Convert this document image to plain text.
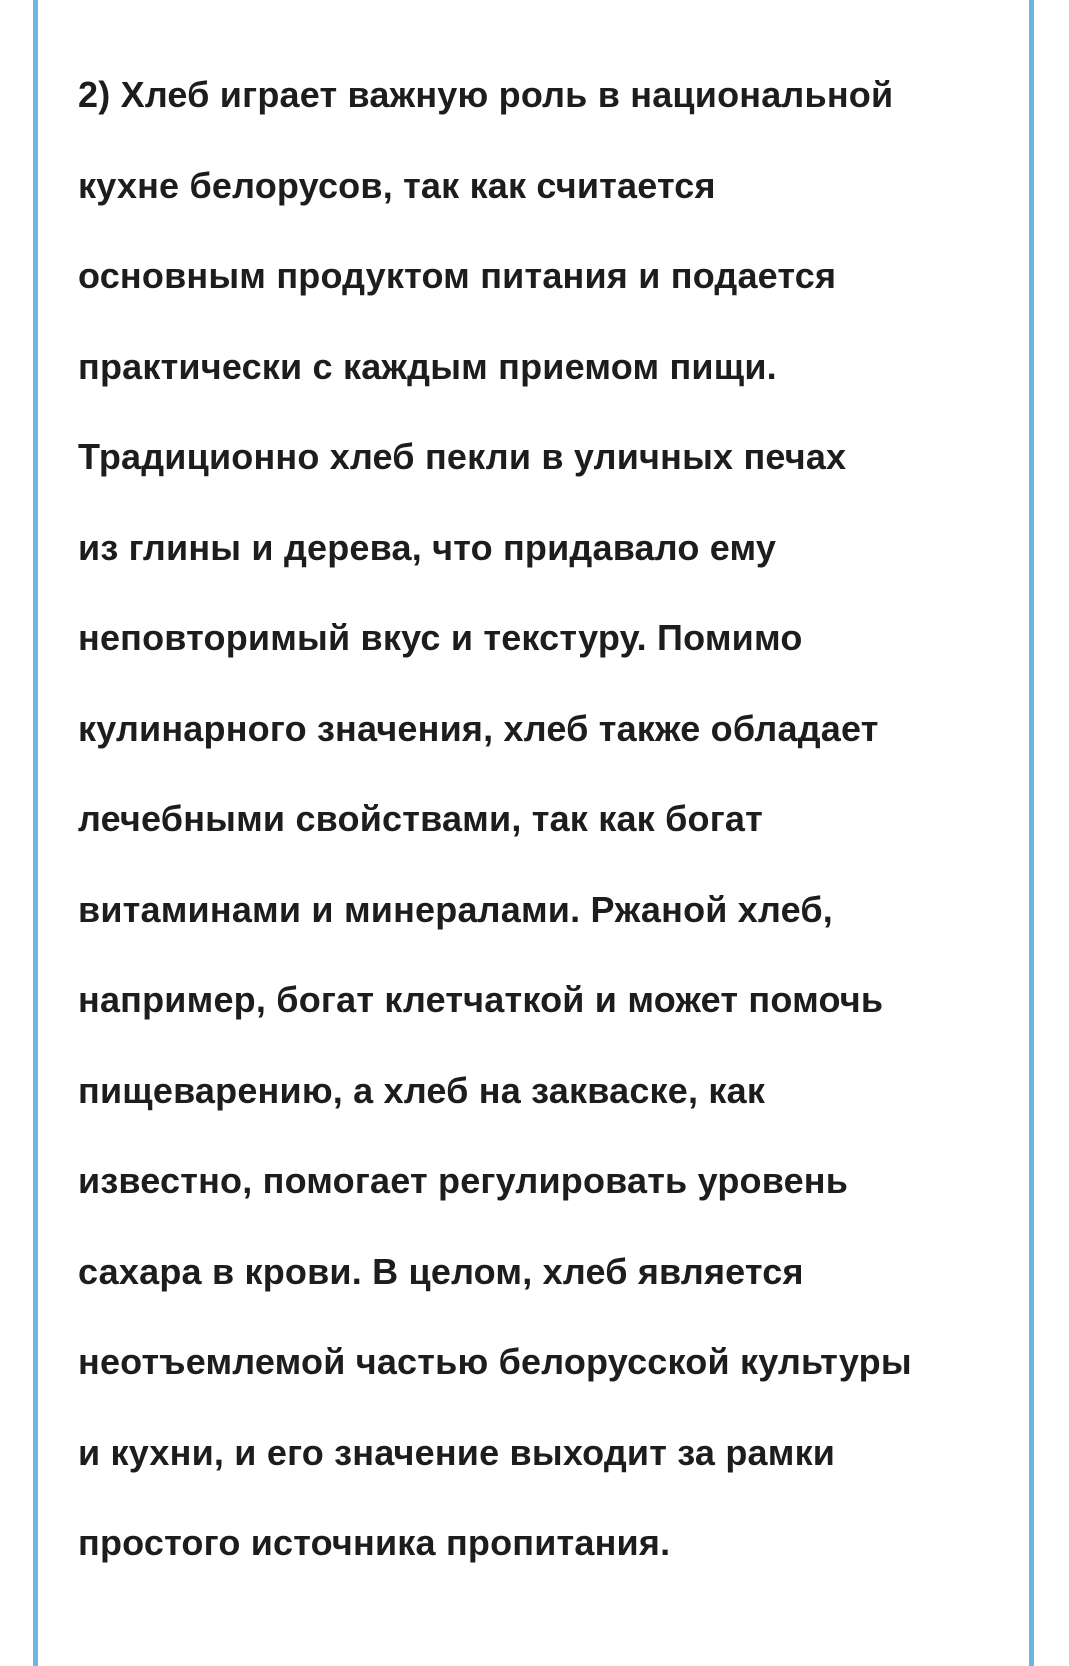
2) Хлеб играет важную роль в национальной
кухне белорусов, так как считается
основным продуктом питания и подается
практически с каждым приемом пищи.
Традиционно хлеб пекли в уличных печах
из глины и дерева, что придавало ему
неповторимый вкус и текстуру. Помимо
кулинарного значения, хлеб также обладает
лечебными свойствами, так как богат
витаминами и минералами. Ржаной хлеб,
например, богат клетчаткой и может помочь
пищеварению, а хлеб на закваске, как
известно, помогает регулировать уровень
сахара в крови. В целом, хлеб является
неотъемлемой частью белорусской культуры
и кухни, и его значение выходит за рамки
простого источника пропитания.
